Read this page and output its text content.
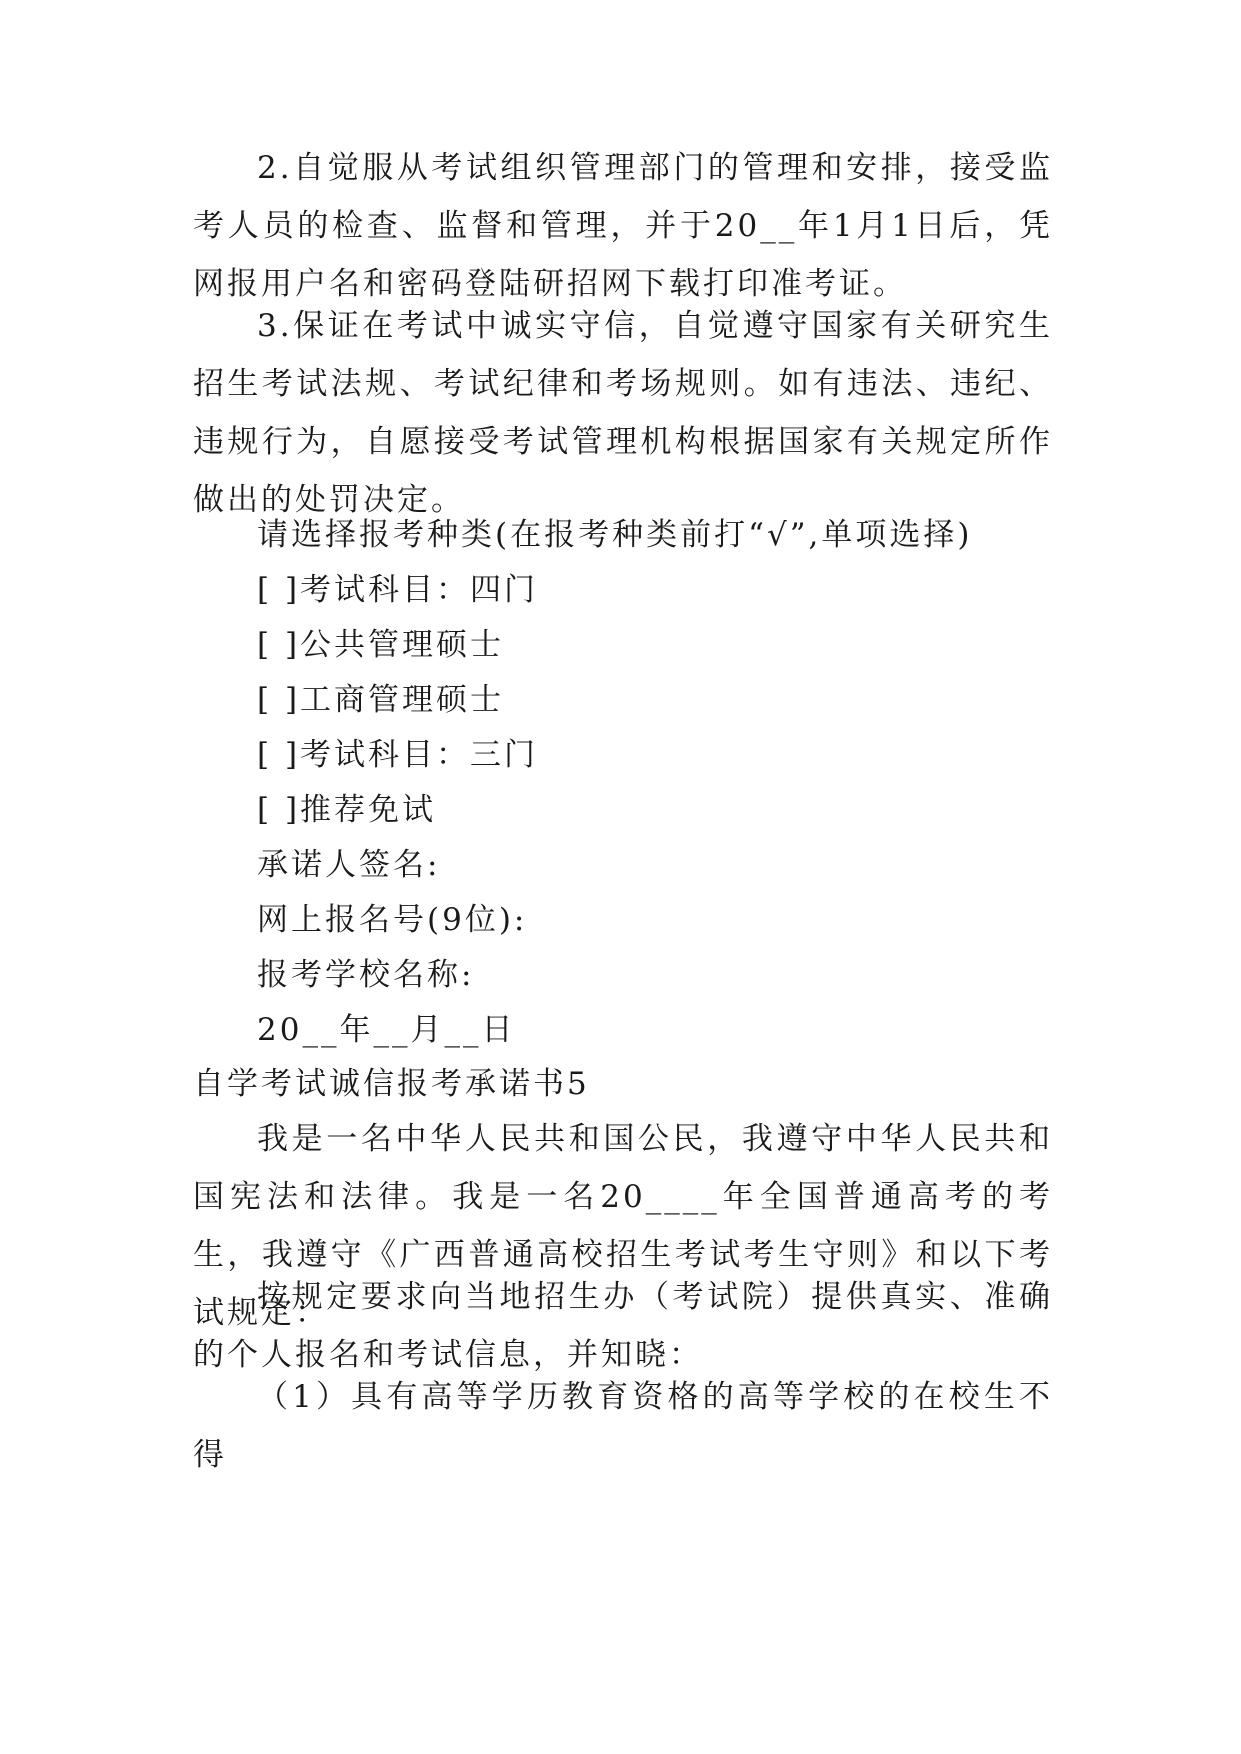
2.自觉服从考试组织管理部门的管理和安排，接受监考人员的检查、监督和管理，并于20__年1月1日后，凭网报用户名和密码登陆研招网下载打印准考证。

3.保证在考试中诚实守信，自觉遵守国家有关研究生招生考试法规、考试纪律和考场规则。如有违法、违纪、违规行为，自愿接受考试管理机构根据国家有关规定所作做出的处罚决定。

请选择报考种类(在报考种类前打“√”,单项选择)

[ ]考试科目：四门

[ ]公共管理硕士

[ ]工商管理硕士

[ ]考试科目：三门

[ ]推荐免试

承诺人签名:

网上报名号(9位):

报考学校名称:

20__年__月__日

自学考试诚信报考承诺书5

我是一名中华人民共和国公民，我遵守中华人民共和国宪法和法律。我是一名20____年全国普通高考的考生，我遵守《广西普通高校招生考试考生守则》和以下考试规定：

按规定要求向当地招生办（考试院）提供真实、准确的个人报名和考试信息，并知晓：

（1）具有高等学历教育资格的高等学校的在校生不得
